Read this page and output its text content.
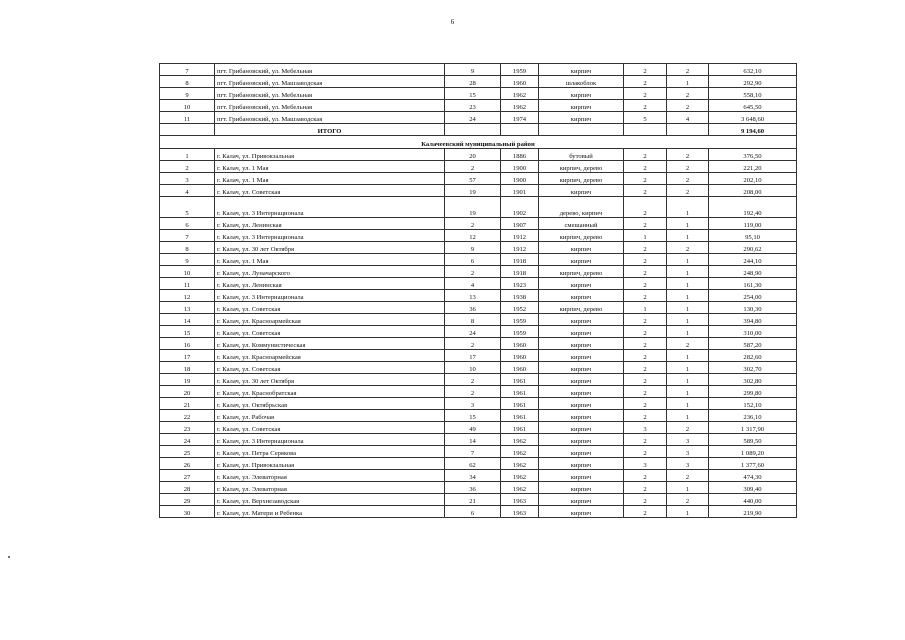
6
7	пгт. Грибановский, ул. Мебельная	9	1959	кирпич	2	2	632,10
8	пгт. Грибановский, ул. Машзаводская	28	1960	шлакоблок	2	1	292,90
9	пгт. Грибановский, ул. Мебельная	15	1962	кирпич	2	2	558,10
10	пгт. Грибановский, ул. Мебельная	23	1962	кирпич	2	2	645,50
11	пгт. Грибановский, ул. Машзаводская	24	1974	кирпич	5	4	3 648,60
	ИТОГО						9 194,60
Калачеевский муниципальный район							
1	г. Калач, ул. Привокзальная	20	1886	бутовый	2	2	376,50
2	г. Калач, ул. 1 Мая	2	1900	кирпич, дерево	2	2	221,20
3	г. Калач, ул. 1 Мая	57	1900	кирпич, дерево	2	2	202,10
4	г. Калач, ул. Советская	19	1901	кирпич	2	2	208,00
5	г. Калач, ул. 3 Интернационала	19	1902	дерево, кирпич	2	1	192,40
6	г. Калач, ул. Ленинская	2	1907	смешанный	2	1	119,00
7	г. Калач, ул. 3 Интернационала	12	1912	кирпич, дерево	1	1	95,10
8	г. Калач, ул. 30 лет Октября	9	1912	кирпич	2	2	290,62
9	г. Калач, ул. 1 Мая	6	1918	кирпич	2	1	244,10
10	г. Калач, ул. Луначарского	2	1918	кирпич, дерево	2	1	248,90
11	г. Калач, ул. Ленинская	4	1923	кирпич	2	1	161,30
12	г. Калач, ул. 3 Интернационала	13	1938	кирпич	2	1	254,00
13	г. Калач, ул. Советская	36	1952	кирпич, дерево	1	1	130,30
14	г. Калач, ул. Красноармейская	8	1959	кирпич	2	1	394,80
15	г. Калач, ул. Советская	24	1959	кирпич	2	1	310,00
16	г. Калач, ул. Коммунистическая	2	1960	кирпич	2	2	587,20
17	г. Калач, ул. Красноармейская	17	1960	кирпич	2	1	282,60
18	г. Калач, ул. Советская	10	1960	кирпич	2	1	302,70
19	г. Калач, ул. 30 лет Октября	2	1961	кирпич	2	1	302,80
20	г. Калач, ул. Краснобратская	2	1961	кирпич	2	1	299,80
21	г. Калач, ул. Октябрьская	3	1961	кирпич	2	1	152,10
22	г. Калач, ул. Рабочая	15	1961	кирпич	2	1	236,10
23	г. Калач, ул. Советская	49	1961	кирпич	3	2	1 317,90
24	г. Калач, ул. 3 Интернационала	14	1962	кирпич	2	3	589,50
25	г. Калач, ул. Петра Серякова	7	1962	кирпич	2	3	1 089,20
26	г. Калач, ул. Привокзальная	62	1962	кирпич	3	3	1 377,60
27	г. Калач, ул. Элеваторная	34	1962	кирпич	2	2	474,30
28	г. Калач, ул. Элеваторная	36	1962	кирпич	2	1	309,40
29	г. Калач, ул. Верхнезаводская	21	1963	кирпич	2	2	440,00
30	г. Калач, ул. Матери и Ребенка	6	1963	кирпич	2	1	219,90
